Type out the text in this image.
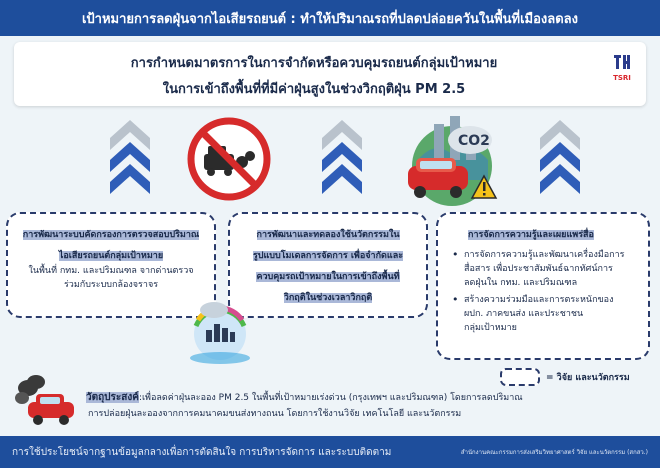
เป้าหมายการลดฝุ่นจากไอเสียรถยนต์ : ทำให้ปริมาณรถที่ปลดปล่อยควันในพื้นที่เมืองลดลง
การกำหนดมาตรการในการจำกัดหรือควบคุมรถยนต์กลุ่มเป้าหมาย
ในการเข้าถึงพื้นที่ที่มีค่าฝุ่นสูงในช่วงวิกฤติฝุ่น PM 2.5
TSRI
CO2
การพัฒนาระบบคัดกรองการตรวจสอบปริมาณ
ไอเสียรถยนต์กลุ่มเป้าหมาย
ในพื้นที่ กทม. และปริมณฑล จากด่านตรวจ
ร่วมกับระบบกล้องจราจร
การพัฒนาและทดลองใช้นวัตกรรมใน
รูปแบบโมเดลการจัดการ เพื่อจำกัดและ
ควบคุมรถเป้าหมายในการเข้าถึงพื้นที่
วิกฤติในช่วงเวลาวิกฤติ
การจัดการความรู้และเผยแพร่สื่อ
• การจัดการความรู้และพัฒนาเครื่องมือการ
สื่อสาร เพื่อประชาสัมพันธ์ฉากทัศน์การ
ลดฝุ่นใน กทม. และปริมณฑล
• สร้างความร่วมมือและการตระหนักของ
ผปก. ภาคขนส่ง และประชาชน
กลุ่มเป้าหมาย
= วิจัย และนวัตกรรม
วัตถุประสงค์:เพื่อลดค่าฝุ่นละออง PM 2.5 ในพื้นที่เป้าหมายเร่งด่วน (กรุงเทพฯ และปริมณฑล) โดยการลดปริมาณ
การปล่อยฝุ่นละอองจากการคมนาคมขนส่งทางถนน โดยการใช้งานวิจัย เทคโนโลยี และนวัตกรรม
การใช้ประโยชน์จากฐานข้อมูลกลางเพื่อการตัดสินใจ การบริหารจัดการ และระบบติดตาม	สำนักงานคณะกรรมการส่งเสริมวิทยาศาสตร์ วิจัย และนวัตกรรม (สกสว.)
